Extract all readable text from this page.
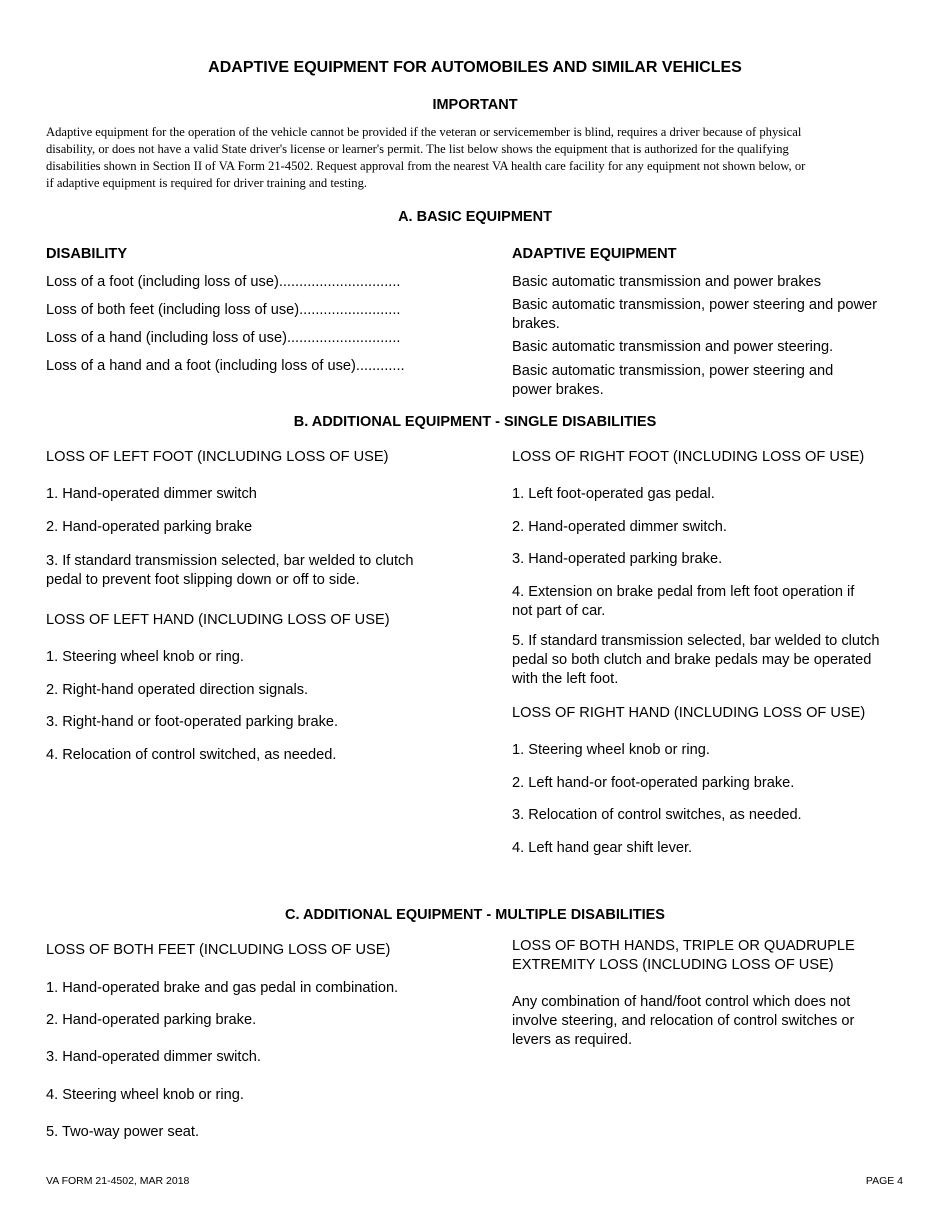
ADAPTIVE EQUIPMENT FOR AUTOMOBILES AND SIMILAR VEHICLES
IMPORTANT
Adaptive equipment for the operation of the vehicle cannot be provided if the veteran or servicemember is blind, requires a driver because of physical
disability, or does not have a valid State driver's license or learner's permit. The list below shows the equipment that is authorized for the qualifying
disabilities shown in Section II of VA Form 21-4502. Request approval from the nearest VA health care facility for any equipment not shown below, or
if adaptive equipment is required for driver training and testing.
A. BASIC EQUIPMENT
DISABILITY	ADAPTIVE EQUIPMENT
Loss of a foot (including loss of use)..............................
Loss of both feet (including loss of use).........................
Loss of a hand (including loss of use)............................
Loss of a hand and a foot (including loss of use)............
Basic automatic transmission and power brakes
Basic automatic transmission, power steering and power
brakes.
Basic automatic transmission and power steering.
Basic automatic transmission, power steering and
power brakes.
B. ADDITIONAL EQUIPMENT - SINGLE DISABILITIES
LOSS OF LEFT FOOT (INCLUDING LOSS OF USE)
1. Hand-operated dimmer switch
2. Hand-operated parking brake
3. If standard transmission selected, bar welded to clutch
pedal to prevent foot slipping down or off to side.
LOSS OF LEFT HAND (INCLUDING LOSS OF USE)
1. Steering wheel knob or ring.
2. Right-hand operated direction signals.
3. Right-hand or foot-operated parking brake.
4. Relocation of control switched, as needed.
LOSS OF RIGHT FOOT (INCLUDING LOSS OF USE)
1. Left foot-operated gas pedal.
2. Hand-operated dimmer switch.
3. Hand-operated parking brake.
4. Extension on brake pedal from left foot operation if
not part of car.
5. If standard transmission selected, bar welded to clutch
pedal so both clutch and brake pedals may be operated
with the left foot.
LOSS OF RIGHT HAND (INCLUDING LOSS OF USE)
1. Steering wheel knob or ring.
2. Left hand-or foot-operated parking brake.
3. Relocation of control switches, as needed.
4. Left hand gear shift lever.
C. ADDITIONAL EQUIPMENT - MULTIPLE DISABILITIES
LOSS OF BOTH FEET (INCLUDING LOSS OF USE)
1. Hand-operated brake and gas pedal in combination.
2. Hand-operated parking brake.
3. Hand-operated dimmer switch.
4. Steering wheel knob or ring.
5. Two-way power seat.
LOSS OF BOTH HANDS, TRIPLE OR QUADRUPLE
EXTREMITY LOSS (INCLUDING LOSS OF USE)
Any combination of hand/foot control which does not
involve steering, and relocation of control switches or
levers as required.
VA FORM 21-4502, MAR 2018	PAGE 4
